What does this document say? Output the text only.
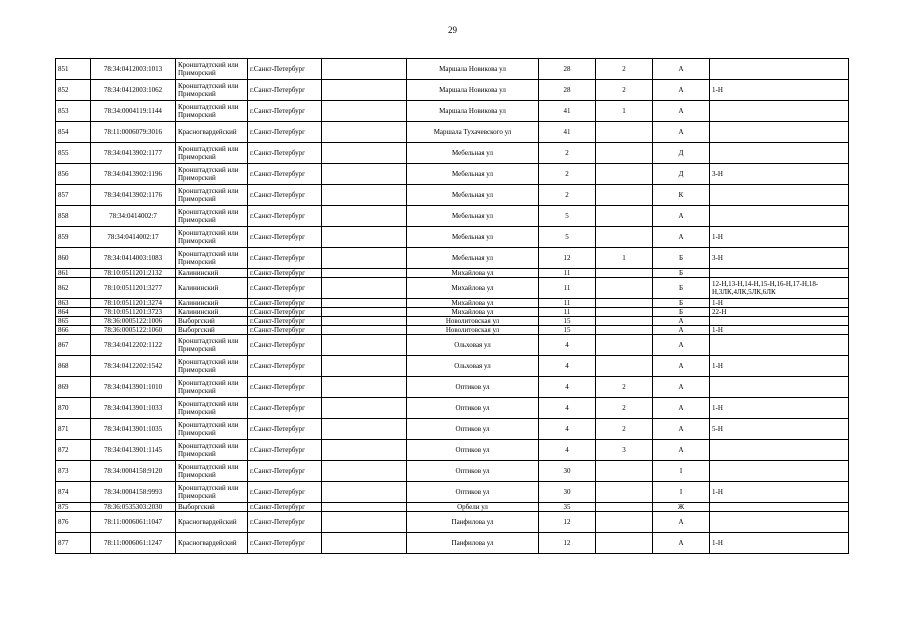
29
851	78:34:0412003:1013	Кронштадтский или Приморский	г.Санкт-Петербург		Маршала Новикова ул	28	2	А	
852	78:34:0412003:1062	Кронштадтский или Приморский	г.Санкт-Петербург		Маршала Новикова ул	28	2	А	1-Н
853	78:34:0004119:1144	Кронштадтский или Приморский	г.Санкт-Петербург		Маршала Новикова ул	41	1	А	
854	78:11:0006079:3016	Красногвардейский	г.Санкт-Петербург		Маршала Тухачевского ул	41		А	
855	78:34:0413902:1177	Кронштадтский или Приморский	г.Санкт-Петербург		Мебельная ул	2		Д	
856	78:34:0413902:1196	Кронштадтский или Приморский	г.Санкт-Петербург		Мебельная ул	2		Д	3-Н
857	78:34:0413902:1176	Кронштадтский или Приморский	г.Санкт-Петербург		Мебельная ул	2		К	
858	78:34:0414002:7	Кронштадтский или Приморский	г.Санкт-Петербург		Мебельная ул	5		А	
859	78:34:0414002:17	Кронштадтский или Приморский	г.Санкт-Петербург		Мебельная ул	5		А	1-Н
860	78:34:0414003:1083	Кронштадтский или Приморский	г.Санкт-Петербург		Мебельная ул	12	1	Б	3-Н
861	78:10:0511201:2132	Калининский	г.Санкт-Петербург		Михайлова ул	11		Б	
862	78:10:0511201:3277	Калининский	г.Санкт-Петербург		Михайлова ул	11		Б	12-Н,13-Н,14-Н,15-Н,16-Н,17-Н,18-Н,3ЛК,4ЛК,5ЛК,6ЛК
863	78:10:0511201:3274	Калининский	г.Санкт-Петербург		Михайлова ул	11		Б	1-Н
864	78:10:0511201:3723	Калининский	г.Санкт-Петербург		Михайлова ул	11		Б	22-Н
865	78:36:0005122:1006	Выборгский	г.Санкт-Петербург		Новолитовская ул	15		А	
866	78:36:0005122:1060	Выборгский	г.Санкт-Петербург		Новолитовская ул	15		А	1-Н
867	78:34:0412202:1122	Кронштадтский или Приморский	г.Санкт-Петербург		Ольховая ул	4		А	
868	78:34:0412202:1542	Кронштадтский или Приморский	г.Санкт-Петербург		Ольховая ул	4		А	1-Н
869	78:34:0413901:1010	Кронштадтский или Приморский	г.Санкт-Петербург		Оптиков ул	4	2	А	
870	78:34:0413901:1033	Кронштадтский или Приморский	г.Санкт-Петербург		Оптиков ул	4	2	А	1-Н
871	78:34:0413901:1035	Кронштадтский или Приморский	г.Санкт-Петербург		Оптиков ул	4	2	А	5-Н
872	78:34:0413901:1145	Кронштадтский или Приморский	г.Санкт-Петербург		Оптиков ул	4	3	А	
873	78:34:0004158:9120	Кронштадтский или Приморский	г.Санкт-Петербург		Оптиков ул	30		І	
874	78:34:0004158:9993	Кронштадтский или Приморский	г.Санкт-Петербург		Оптиков ул	30		І	1-Н
875	78:36:0535303:2030	Выборгский	г.Санкт-Петербург		Орбели ул	35		Ж	
876	78:11:0006061:1047	Красногвардейский	г.Санкт-Петербург		Панфилова ул	12		А	
877	78:11:0006061:1247	Красногвардейский	г.Санкт-Петербург		Панфилова ул	12		А	1-Н
